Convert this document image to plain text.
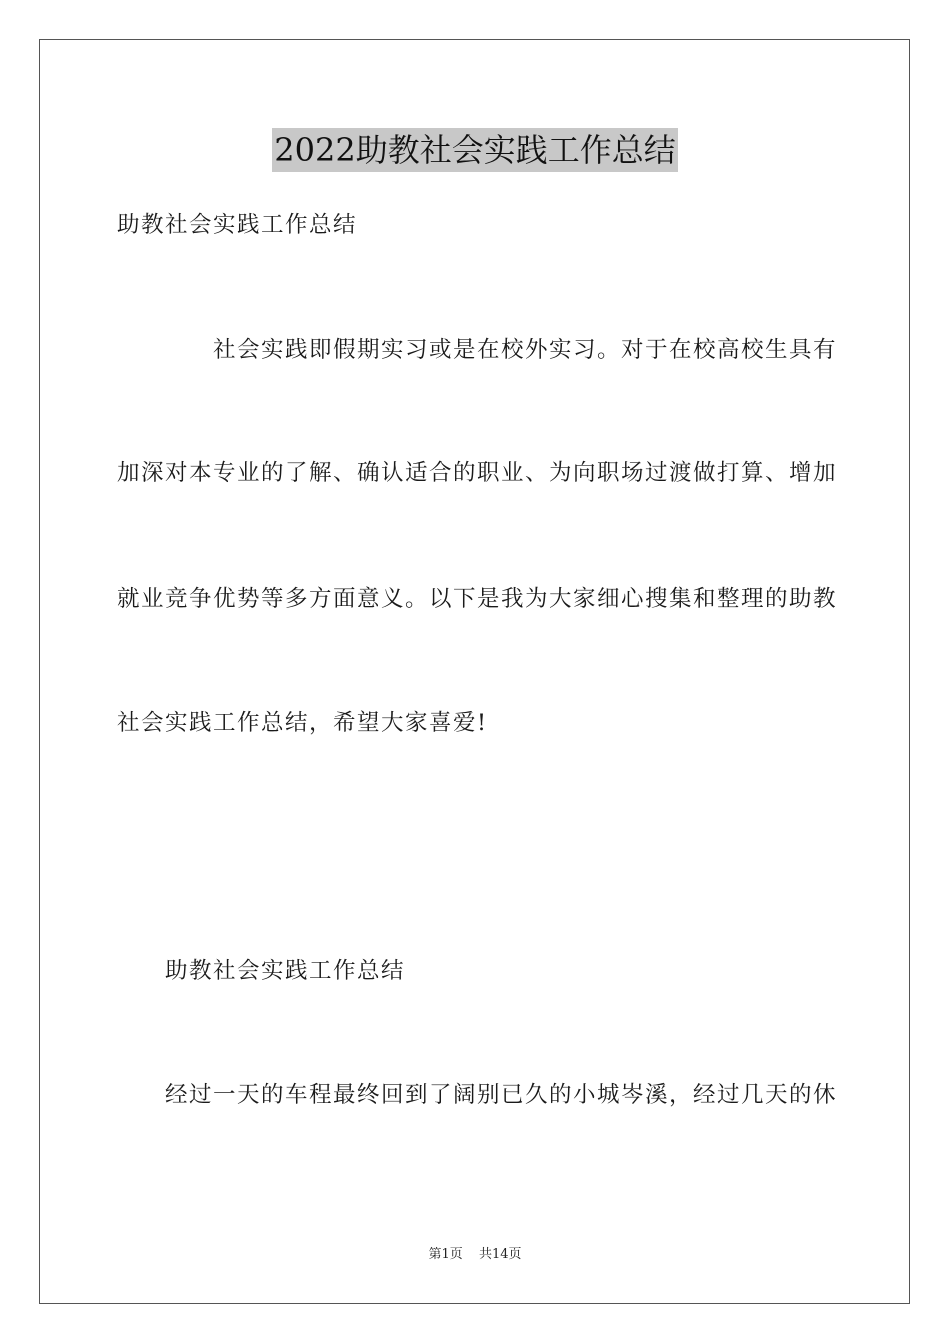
2022助教社会实践工作总结
助教社会实践工作总结
社会实践即假期实习或是在校外实习。对于在校高校生具有
加深对本专业的了解、确认适合的职业、为向职场过渡做打算、增加
就业竞争优势等多方面意义。以下是我为大家细心搜集和整理的助教
社会实践工作总结，希望大家喜爱!
助教社会实践工作总结
经过一天的车程最终回到了阔别已久的小城岑溪，经过几天的休
第1页 共14页
